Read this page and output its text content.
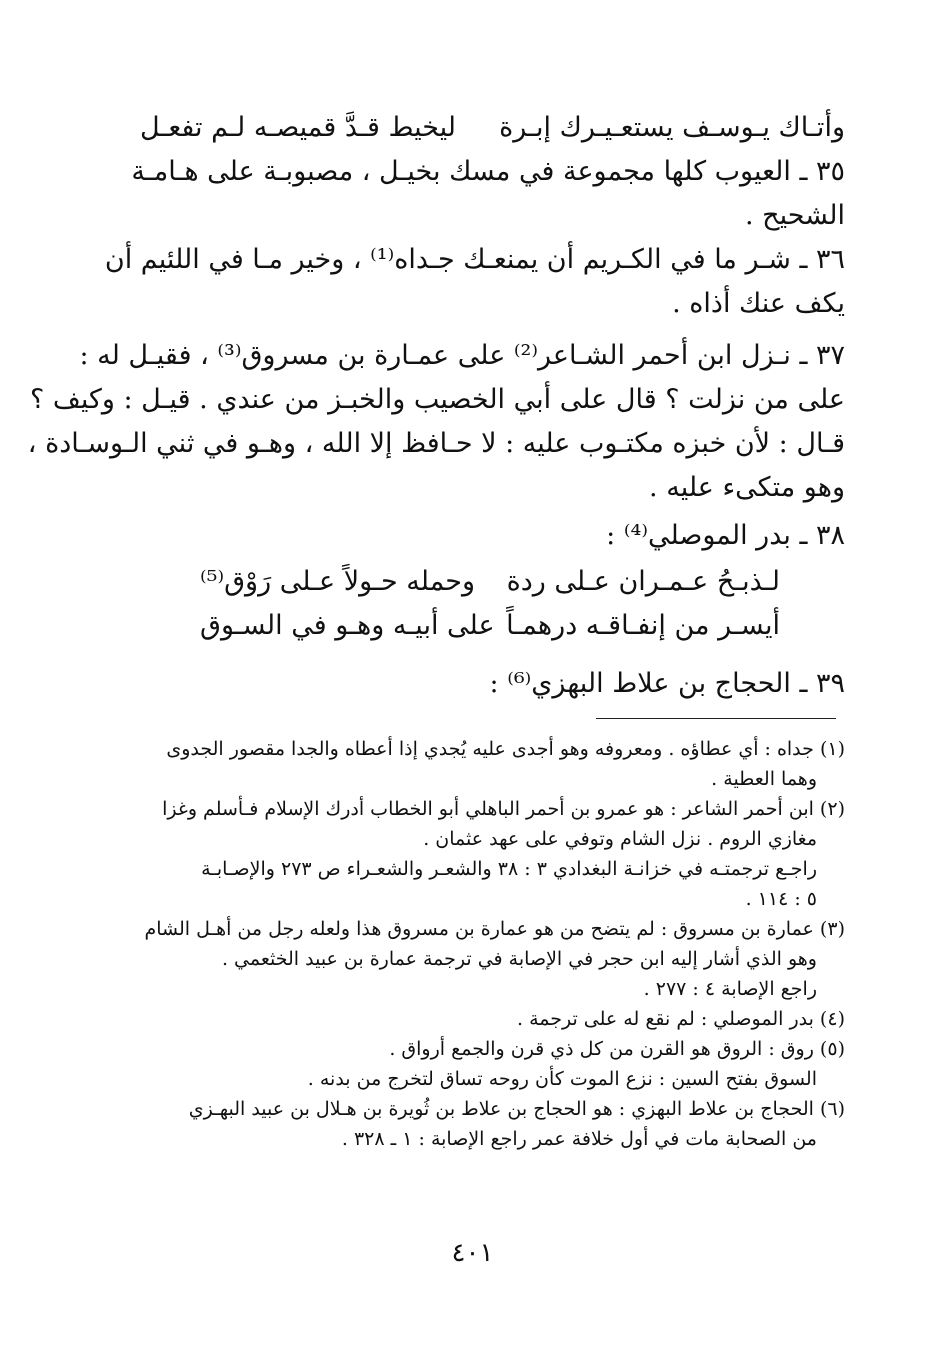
وأتـاك يـوسـف يستعـيـرك إبـرة
ليخيط قـدَّ قميصـه لـم تفعـل
٣٥ ـ العيوب كلها مجموعة في مسك بخيـل ، مصبوبـة على هـامـة
الشحيح .
٣٦ ـ شـر ما في الكـريم أن يمنعـك جـداه⁽¹⁾ ، وخير مـا في اللئيم أن
يكف عنك أذاه .
٣٧ ـ نـزل ابن أحمر الشـاعر⁽²⁾ على عمـارة بن مسروق⁽³⁾ ، فقيـل له :
على من نزلت ؟ قال على أبي الخصيب والخبـز من عندي . قيـل : وكيف ؟
قـال : لأن خبزه مكتـوب عليه : لا حـافظ إلا الله ، وهـو في ثني الـوسـادة ،
وهو متكىء عليه .
٣٨ ـ بدر الموصلي⁽⁴⁾ :
لـذبـحُ عـمـران عـلى ردة
وحمله حـولاً عـلى رَوْق⁽⁵⁾
أيسـر من إنفـاقـه درهمـاً
على أبيـه وهـو في السـوق
٣٩ ـ الحجاج بن علاط البهزي⁽⁶⁾ :
(١) جداه : أي عطاؤه . ومعروفه وهو أجدى عليه يُجدي إذا أعطاه والجدا مقصور الجدوى
وهما العطية .
(٢) ابن أحمر الشاعر : هو عمرو بن أحمر الباهلي أبو الخطاب أدرك الإسلام فـأسلم وغزا
مغازي الروم . نزل الشام وتوفي على عهد عثمان .
راجـع ترجمتـه في خزانـة البغدادي ٣ : ٣٨ والشعـر والشعـراء ص ٢٧٣ والإصـابـة
٥ : ١١٤ .
(٣) عمارة بن مسروق : لم يتضح من هو عمارة بن مسروق هذا ولعله رجل من أهـل الشام
وهو الذي أشار إليه ابن حجر في الإصابة في ترجمة عمارة بن عبيد الخثعمي .
راجع الإصابة ٤ : ٢٧٧ .
(٤) بدر الموصلي : لم نقع له على ترجمة .
(٥) روق : الروق هو القرن من كل ذي قرن والجمع أرواق .
السوق بفتح السين : نزع الموت كأن روحه تساق لتخرج من بدنه .
(٦) الحجاج بن علاط البهزي : هو الحجاج بن علاط بن ثُويرة بن هـلال بن عبيد البهـزي
من الصحابة مات في أول خلافة عمر راجع الإصابة : ١ ـ ٣٢٨ .
٤٠١
